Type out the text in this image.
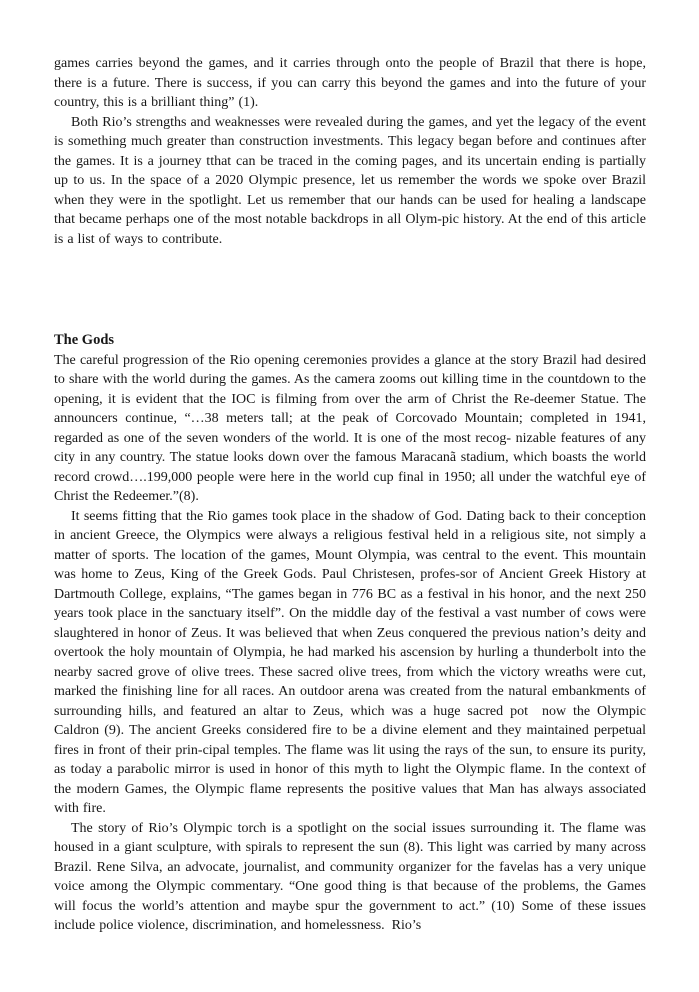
games carries beyond the games, and it carries through onto the people of Brazil that there is hope, there is a future. There is success, if you can carry this beyond the games and into the future of your country, this is a brilliant thing” (1).

Both Rio’s strengths and weaknesses were revealed during the games, and yet the legacy of the event is something much greater than construction investments. This legacy began before and continues after the games. It is a journey tthat can be traced in the coming pages, and its uncertain ending is partially up to us. In the space of a 2020 Olympic presence, let us remember the words we spoke over Brazil when they were in the spotlight. Let us remember that our hands can be used for healing a landscape that became perhaps one of the most notable backdrops in all Olym-pic history. At the end of this article is a list of ways to contribute.

The Gods

The careful progression of the Rio opening ceremonies provides a glance at the story Brazil had desired to share with the world during the games. As the camera zooms out killing time in the countdown to the opening, it is evident that the IOC is filming from over the arm of Christ the Re-deemer Statue. The announcers continue, “…38 meters tall; at the peak of Corcovado Mountain; completed in 1941, regarded as one of the seven wonders of the world. It is one of the most recog- nizable features of any city in any country. The statue looks down over the famous Maracanã stadium, which boasts the world record crowd….199,000 people were here in the world cup final in 1950; all under the watchful eye of Christ the Redeemer.”(8).

It seems fitting that the Rio games took place in the shadow of God. Dating back to their conception in ancient Greece, the Olympics were always a religious festival held in a religious site, not simply a matter of sports. The location of the games, Mount Olympia, was central to the event. This mountain was home to Zeus, King of the Greek Gods. Paul Christesen, profes-sor of Ancient Greek History at Dartmouth College, explains, “The games began in 776 BC as a festival in his honor, and the next 250 years took place in the sanctuary itself”. On the middle day of the festival a vast number of cows were slaughtered in honor of Zeus. It was believed that when Zeus conquered the previous nation’s deity and overtook the holy mountain of Olympia, he had marked his ascension by hurling a thunderbolt into the nearby sacred grove of olive trees. These sacred olive trees, from which the victory wreaths were cut, marked the finishing line for all races. An outdoor arena was created from the natural embankments of surrounding hills, and featured an altar to Zeus, which was a huge sacred pot now the Olympic Caldron (9). The ancient Greeks considered fire to be a divine element and they maintained perpetual fires in front of their prin-cipal temples. The flame was lit using the rays of the sun, to ensure its purity, as today a parabolic mirror is used in honor of this myth to light the Olympic flame. In the context of the modern Games, the Olympic flame represents the positive values that Man has always associated with fire.

The story of Rio’s Olympic torch is a spotlight on the social issues surrounding it. The flame was housed in a giant sculpture, with spirals to represent the sun (8). This light was carried by many across Brazil. Rene Silva, an advocate, journalist, and community organizer for the favelas has a very unique voice among the Olympic commentary. “One good thing is that because of the problems, the Games will focus the world’s attention and maybe spur the government to act.” (10) Some of these issues include police violence, discrimination, and homelessness. Rio’s
